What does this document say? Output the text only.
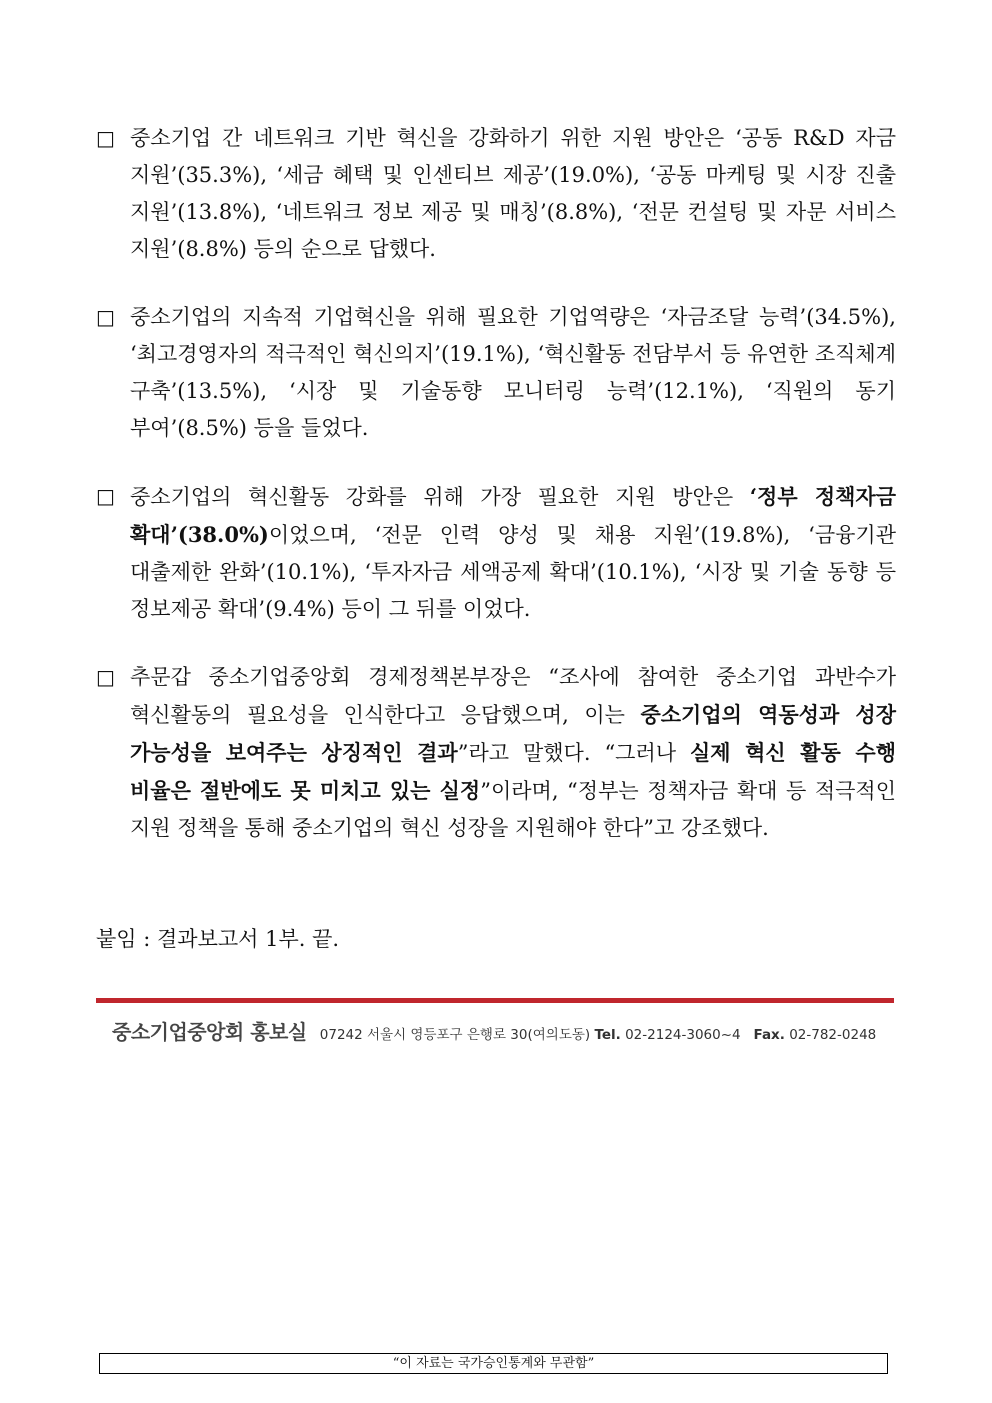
□ 중소기업 간 네트워크 기반 혁신을 강화하기 위한 지원 방안은 ‘공동 R&D 자금 지원’(35.3%), ‘세금 혜택 및 인센티브 제공’(19.0%), ‘공동 마케팅 및 시장 진출 지원’(13.8%), ‘네트워크 정보 제공 및 매칭’(8.8%), ‘전문 컨설팅 및 자문 서비스 지원’(8.8%) 등의 순으로 답했다.
□ 중소기업의 지속적 기업혁신을 위해 필요한 기업역량은 ‘자금조달 능력’(34.5%), ‘최고경영자의 적극적인 혁신의지’(19.1%), ‘혁신활동 전담부서 등 유연한 조직체계 구축’(13.5%), ‘시장 및 기술동향 모니터링 능력’(12.1%), ‘직원의 동기 부여’(8.5%) 등을 들었다.
□ 중소기업의 혁신활동 강화를 위해 가장 필요한 지원 방안은 ‘정부 정책자금 확대’(38.0%)이었으며, ‘전문 인력 양성 및 채용 지원’(19.8%), ‘금융기관 대출제한 완화’(10.1%), ‘투자자금 세액공제 확대’(10.1%), ‘시장 및 기술 동향 등 정보제공 확대’(9.4%) 등이 그 뒤를 이었다.
□ 추문갑 중소기업중앙회 경제정책본부장은 “조사에 참여한 중소기업 과반수가 혁신활동의 필요성을 인식한다고 응답했으며, 이는 중소기업의 역동성과 성장 가능성을 보여주는 상징적인 결과”라고 말했다. “그러나 실제 혁신 활동 수행 비율은 절반에도 못 미치고 있는 실정”이라며, “정부는 정책자금 확대 등 적극적인 지원 정책을 통해 중소기업의 혁신 성장을 지원해야 한다”고 강조했다.
붙임 : 결과보고서 1부. 끝.
중소기업중앙회 홍보실 07242 서울시 영등포구 은행로 30(여의도동) Tel. 02-2124-3060~4 Fax. 02-782-0248
“이 자료는 국가승인통계와 무관함”
